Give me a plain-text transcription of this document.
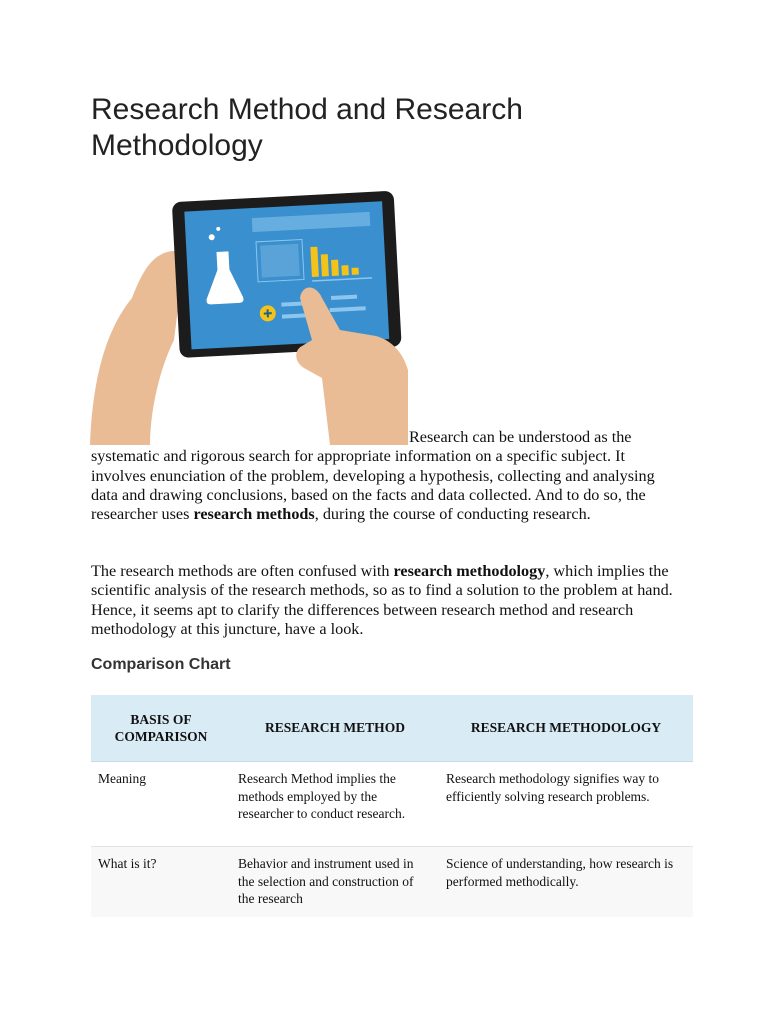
Research Method and Research Methodology

Research can be understood as the systematic and rigorous search for appropriate information on a specific subject. It involves enunciation of the problem, developing a hypothesis, collecting and analysing data and drawing conclusions, based on the facts and data collected. And to do so, the researcher uses research methods, during the course of conducting research.

The research methods are often confused with research methodology, which implies the scientific analysis of the research methods, so as to find a solution to the problem at hand. Hence, it seems apt to clarify the differences between research method and research methodology at this juncture, have a look.

Comparison Chart
BASIS OF COMPARISON	RESEARCH METHOD	RESEARCH METHODOLOGY
Meaning	Research Method implies the methods employed by the researcher to conduct research.	Research methodology signifies way to efficiently solving research problems.
What is it?	Behavior and instrument used in the selection and construction of the research	Science of understanding, how research is performed methodically.
